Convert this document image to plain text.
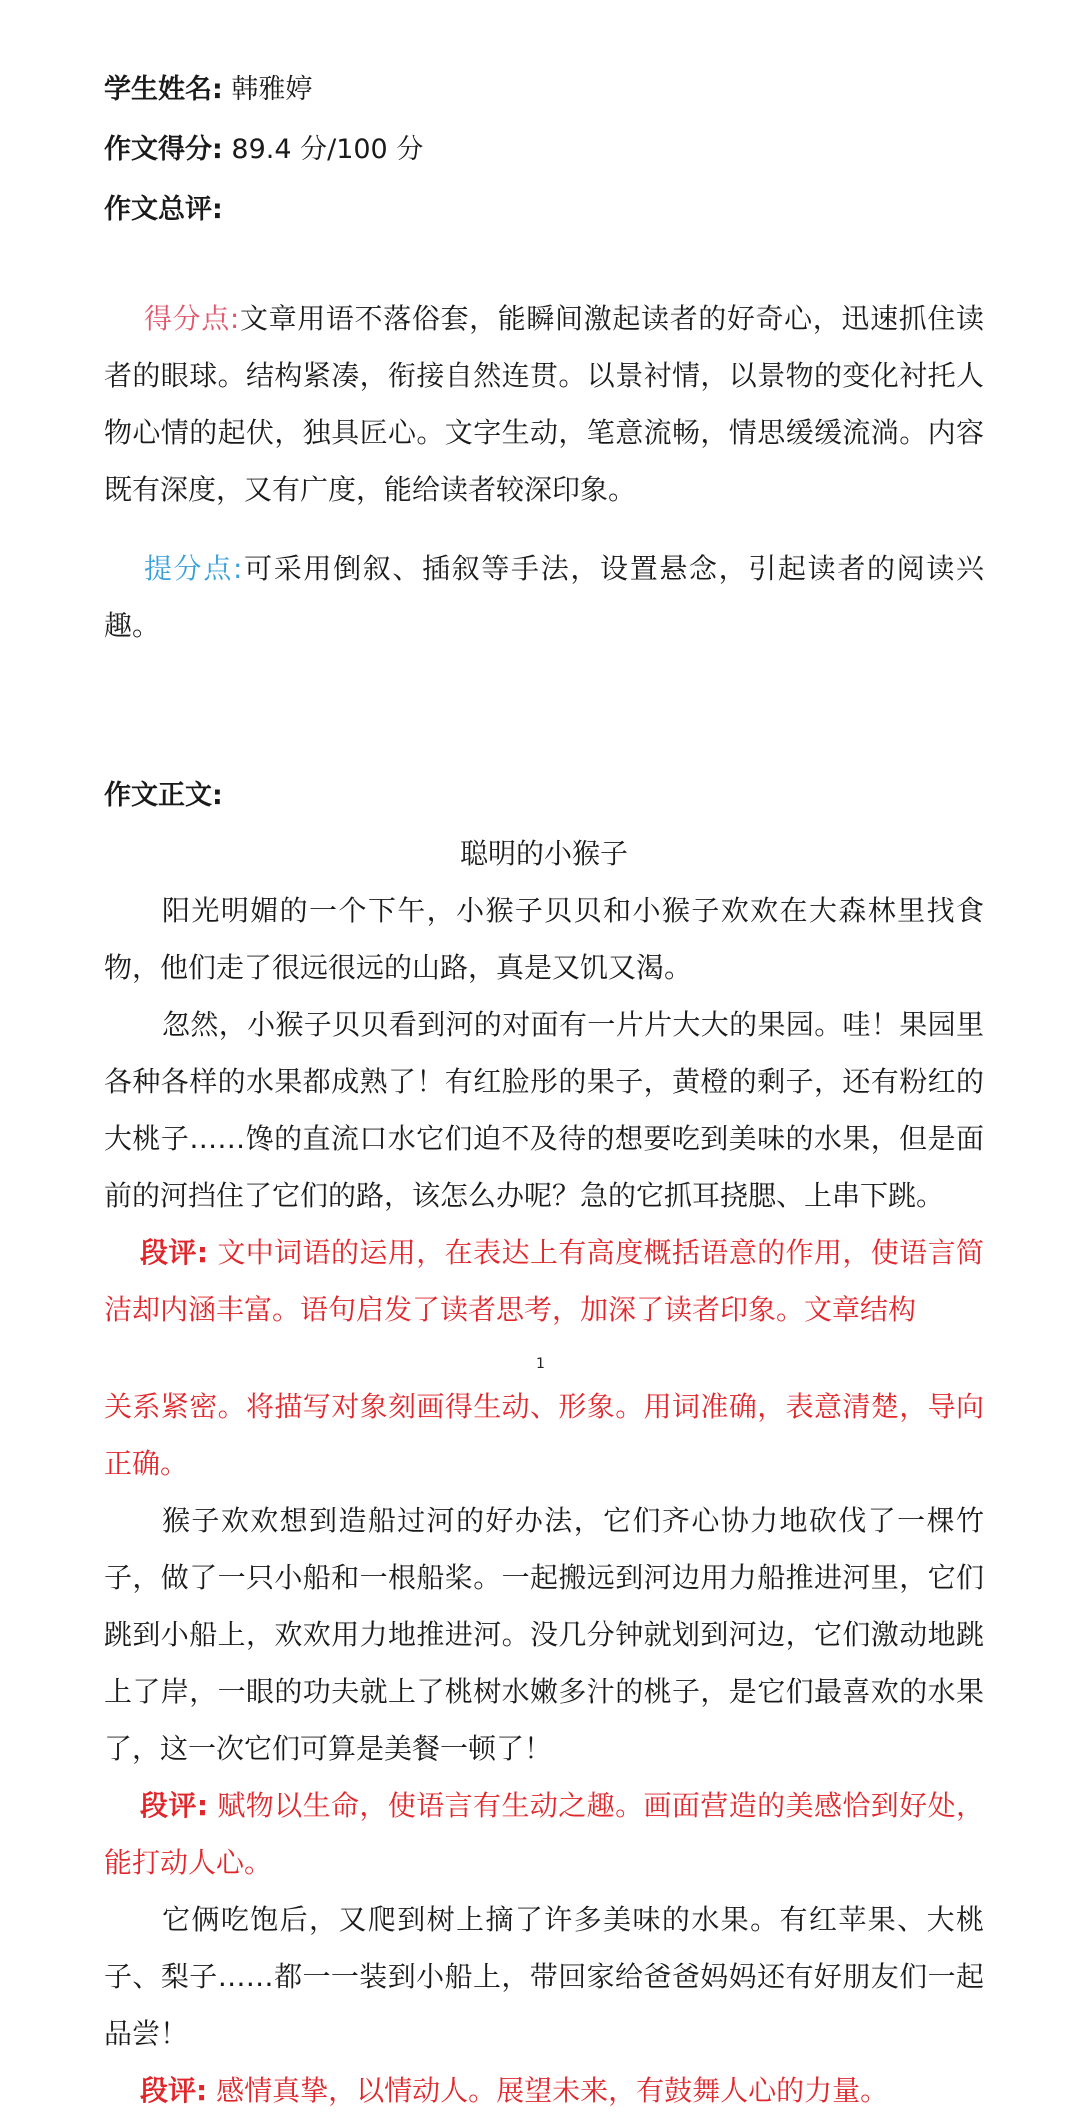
学生姓名: 韩雅婷
作文得分: 89.4 分/100 分
作文总评:

得分点:文章用语不落俗套，能瞬间激起读者的好奇心，迅速抓住读者的眼球。结构紧凑，衔接自然连贯。以景衬情，以景物的变化衬托人物心情的起伏，独具匠心。文字生动，笔意流畅，情思缓缓流淌。内容既有深度，又有广度，能给读者较深印象。

提分点:可采用倒叙、插叙等手法，设置悬念，引起读者的阅读兴趣。

作文正文:
聪明的小猴子

阳光明媚的一个下午，小猴子贝贝和小猴子欢欢在大森林里找食物，他们走了很远很远的山路，真是又饥又渴。

忽然，小猴子贝贝看到河的对面有一片片大大的果园。哇！果园里各种各样的水果都成熟了！有红脸彤的果子，黄橙的剩子，还有粉红的大桃子……馋的直流口水它们迫不及待的想要吃到美味的水果，但是面前的河挡住了它们的路，该怎么办呢？急的它抓耳挠腮、上串下跳。

段评: 文中词语的运用，在表达上有高度概括语意的作用，使语言简洁却内涵丰富。语句启发了读者思考，加深了读者印象。文章结构

关系紧密。将描写对象刻画得生动、形象。用词准确，表意清楚，导向正确。

猴子欢欢想到造船过河的好办法，它们齐心协力地砍伐了一棵竹子，做了一只小船和一根船桨。一起搬远到河边用力船推进河里，它们跳到小船上，欢欢用力地推进河。没几分钟就划到河边，它们激动地跳上了岸，一眼的功夫就上了桃树水嫩多汁的桃子，是它们最喜欢的水果了，这一次它们可算是美餐一顿了！

段评: 赋物以生命，使语言有生动之趣。画面营造的美感恰到好处，能打动人心。

它俩吃饱后，又爬到树上摘了许多美味的水果。有红苹果、大桃子、梨子……都一一装到小船上，带回家给爸爸妈妈还有好朋友们一起品尝！

段评: 感情真挚，以情动人。展望未来，有鼓舞人心的力量。

1
